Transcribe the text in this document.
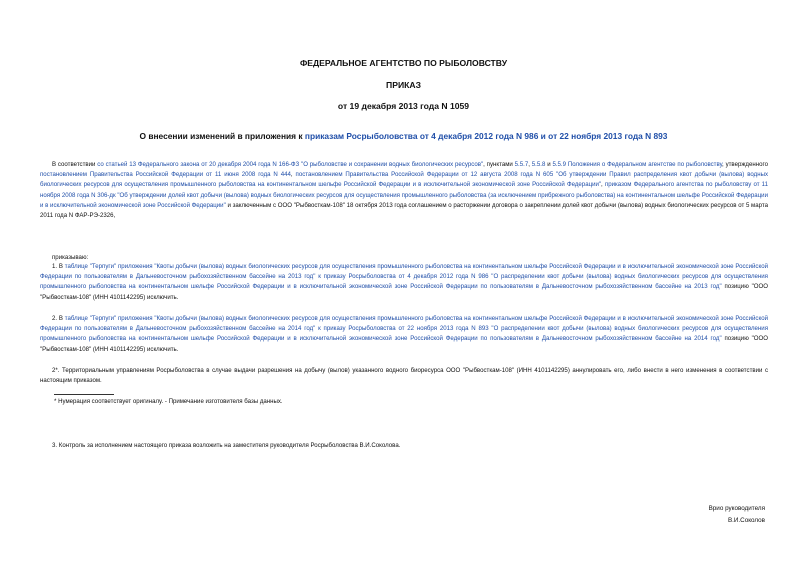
ФЕДЕРАЛЬНОЕ АГЕНТСТВО ПО РЫБОЛОВСТВУ
ПРИКАЗ
от 19 декабря 2013 года N 1059
О внесении изменений в приложения к приказам Росрыболовства от 4 декабря 2012 года N 986 и от 22 ноября 2013 года N 893

В соответствии со статьей 13 Федерального закона от 20 декабря 2004 года N 166-ФЗ "О рыболовстве и сохранении водных биологических ресурсов", пунктами 5.5.7, 5.5.8 и 5.5.9 Положения о Федеральном агентстве по рыболовству, утвержденного постановлением Правительства Российской Федерации от 11 июня 2008 года N 444, постановлением Правительства Российской Федерации от 12 августа 2008 года N 605 "Об утверждении Правил распределения квот добычи (вылова) водных биологических ресурсов для осуществления промышленного рыболовства на континентальном шельфе Российской Федерации и в исключительной экономической зоне Российской Федерации", приказом Федерального агентства по рыболовству от 11 ноября 2008 года N 306-дк "Об утверждении долей квот добычи (вылова) водных биологических ресурсов для осуществления промышленного рыболовства (за исключением прибрежного рыболовства) на континентальном шельфе Российской Федерации и в исключительной экономической зоне Российской Федерации" и заключенным с ООО "Рыбвосткам-108" 18 октября 2013 года соглашением о расторжении договора о закреплении долей квот добычи (вылова) водных биологических ресурсов от 5 марта 2011 года N ФАР-РЭ-2326,

приказываю:

1. В таблице "Терпуги" приложения "Квоты добычи (вылова) водных биологических ресурсов для осуществления промышленного рыболовства на континентальном шельфе Российской Федерации и в исключительной экономической зоне Российской Федерации по пользователям в Дальневосточном рыбохозяйственном бассейне на 2013 год" к приказу Росрыболовства от 4 декабря 2012 года N 986 "О распределении квот добычи (вылова) водных биологических ресурсов для осуществления промышленного рыболовства на континентальном шельфе Российской Федерации и в исключительной экономической зоне Российской Федерации по пользователям в Дальневосточном рыбохозяйственном бассейне на 2013 год" позицию "ООО "Рыбвосткам-108" (ИНН 4101142295) исключить.

2. В таблице "Терпуги" приложения "Квоты добычи (вылова) водных биологических ресурсов для осуществления промышленного рыболовства на континентальном шельфе Российской Федерации и в исключительной экономической зоне Российской Федерации по пользователям в Дальневосточном рыбохозяйственном бассейне на 2014 год" к приказу Росрыболовства от 22 ноября 2013 года N 893 "О распределении квот добычи (вылова) водных биологических ресурсов для осуществления промышленного рыболовства на континентальном шельфе Российской Федерации и в исключительной экономической зоне Российской Федерации по пользователям в Дальневосточном рыбохозяйственном бассейне на 2014 год" позицию "ООО "Рыбвосткам-108" (ИНН 4101142295) исключить.

2*. Территориальным управлениям Росрыболовства в случае выдачи разрешения на добычу (вылов) указанного водного биоресурса ООО "Рыбвосткам-108" (ИНН 4101142295) аннулировать его, либо внести в него изменения в соответствии с настоящим приказом.

* Нумерация соответствует оригиналу. - Примечание изготовителя базы данных.

3. Контроль за исполнением настоящего приказа возложить на заместителя руководителя Росрыболовства В.И.Соколова.

Врио руководителя
В.И.Соколов
